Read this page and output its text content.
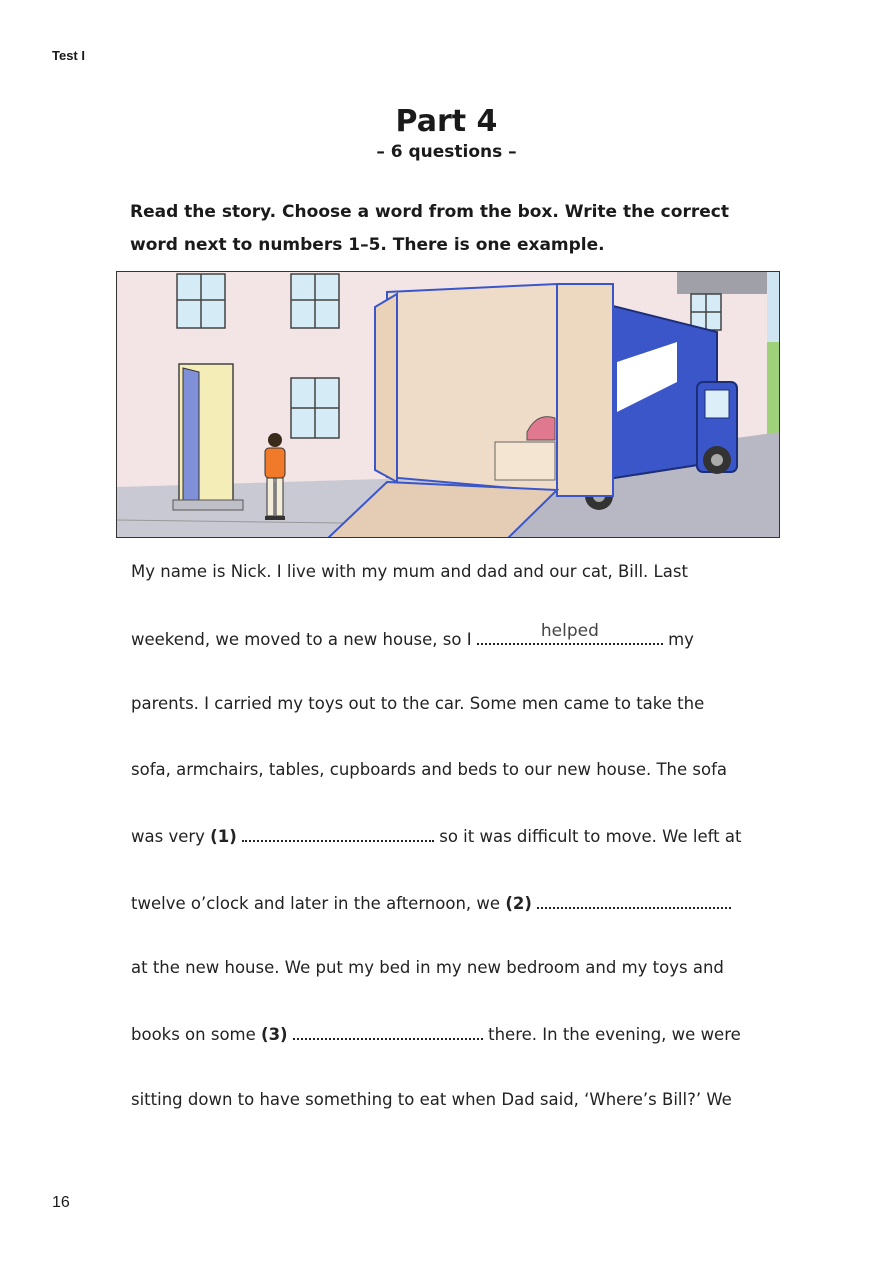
Test I
Part 4
– 6 questions –
Read the story. Choose a word from the box. Write the correct word next to numbers 1–5. There is one example.
My name is Nick. I live with my mum and dad and our cat, Bill. Last
weekend, we moved to a new house, so I	helped	my
parents. I carried my toys out to the car. Some men came to take the
sofa, armchairs, tables, cupboards and beds to our new house. The sofa
was very (1)	so it was difficult to move. We left at
twelve o’clock and later in the afternoon, we (2)
at the new house. We put my bed in my new bedroom and my toys and
books on some (3)	there. In the evening, we were
sitting down to have something to eat when Dad said, ‘Where’s Bill?’ We
16
